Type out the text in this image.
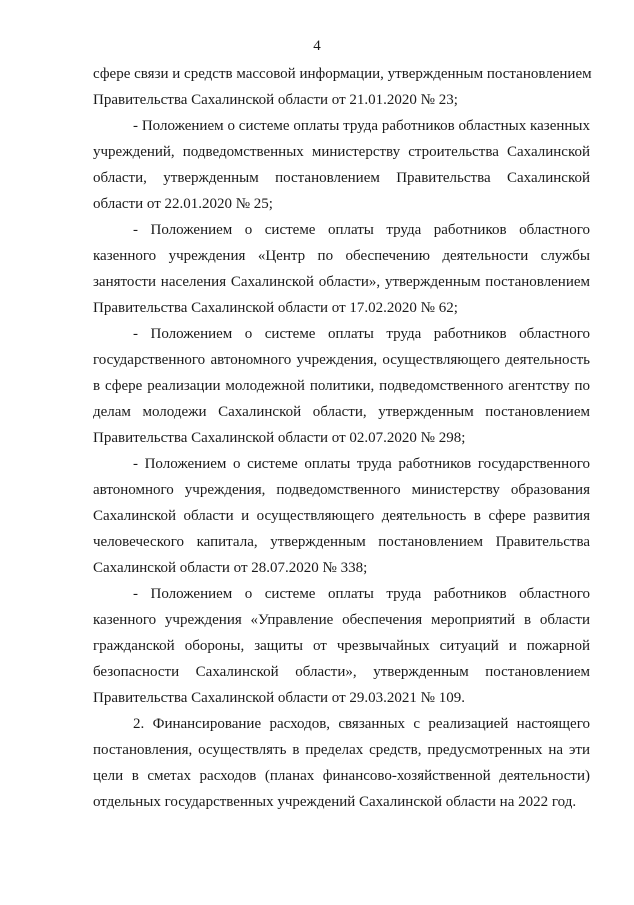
4
сфере связи и средств массовой информации, утвержденным постановлением
Правительства Сахалинской области от 21.01.2020 № 23;
- Положением о системе оплаты труда работников областных казенных
учреждений, подведомственных министерству строительства Сахалинской
области, утвержденным постановлением Правительства Сахалинской
области от 22.01.2020 № 25;
- Положением о системе оплаты труда работников областного
казенного учреждения «Центр по обеспечению деятельности службы
занятости населения Сахалинской области», утвержденным постановлением
Правительства Сахалинской области от 17.02.2020 № 62;
- Положением о системе оплаты труда работников областного
государственного автономного учреждения, осуществляющего деятельность
в сфере реализации молодежной политики, подведомственного агентству по
делам молодежи Сахалинской области, утвержденным постановлением
Правительства Сахалинской области от 02.07.2020 № 298;
- Положением о системе оплаты труда работников государственного
автономного учреждения, подведомственного министерству образования
Сахалинской области и осуществляющего деятельность в сфере развития
человеческого капитала, утвержденным постановлением Правительства
Сахалинской области от 28.07.2020 № 338;
- Положением о системе оплаты труда работников областного
казенного учреждения «Управление обеспечения мероприятий в области
гражданской обороны, защиты от чрезвычайных ситуаций и пожарной
безопасности Сахалинской области», утвержденным постановлением
Правительства Сахалинской области от 29.03.2021 № 109.
2. Финансирование расходов, связанных с реализацией настоящего
постановления, осуществлять в пределах средств, предусмотренных на эти
цели в сметах расходов (планах финансово-хозяйственной деятельности)
отдельных государственных учреждений Сахалинской области на 2022 год.
